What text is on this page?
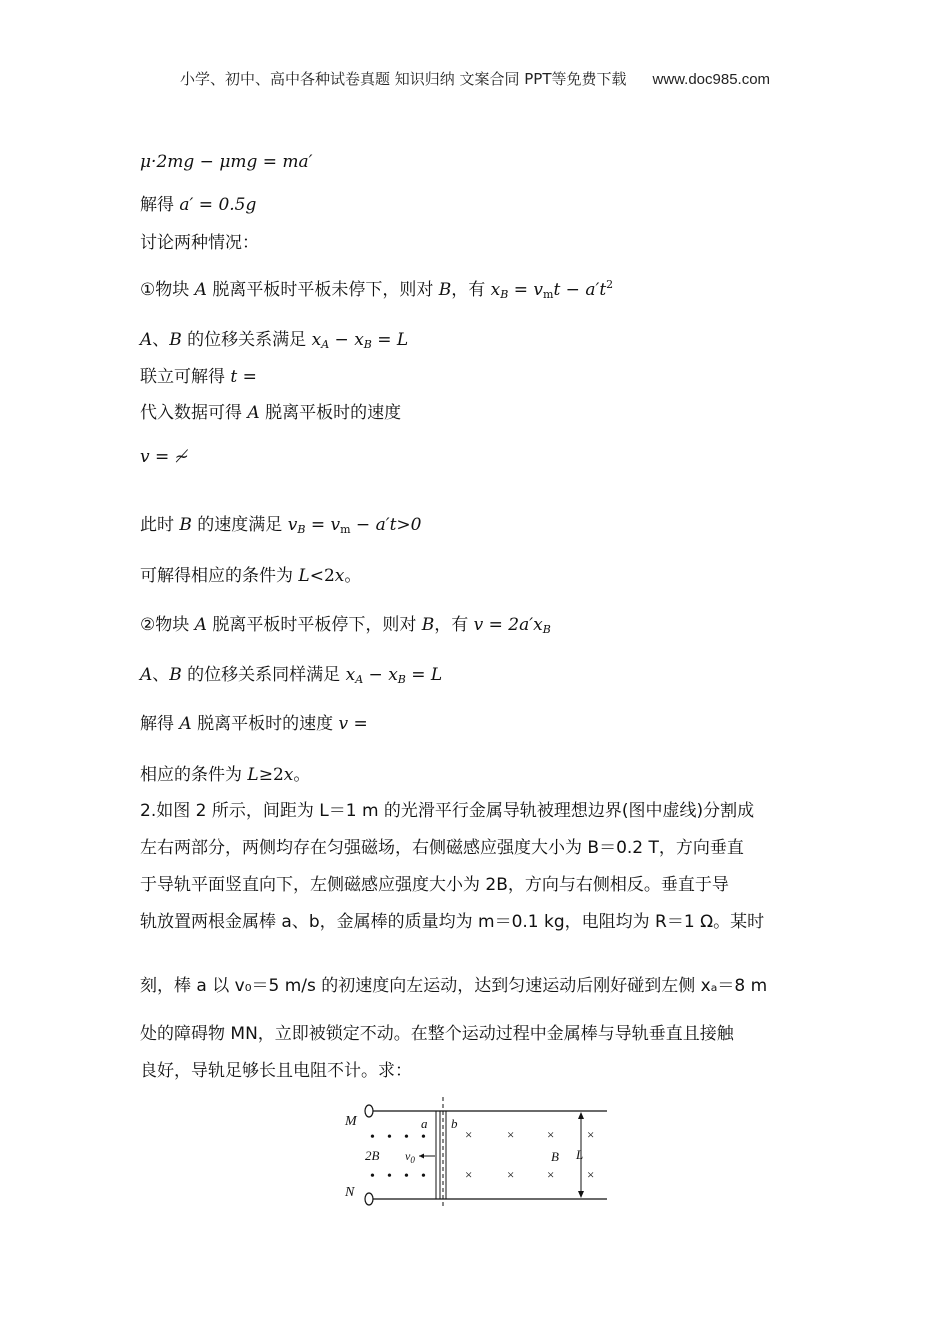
小学、初中、高中各种试卷真题 知识归纳 文案合同 PPT等免费下载 www.doc985.com
μ·2mg − μmg = ma′
解得 a′ = 0.5g
讨论两种情况：
①物块 A 脱离平板时平板未停下，则对 B，有 $x_B = v_mt - a't^2$
A、B 的位移关系满足 $x_A - x_B = L$
联立可解得 t =
代入数据可得 A 脱离平板时的速度
v = ≁
此时 B 的速度满足 $v_B = v_m - a't>0$
可解得相应的条件为 L<2x。
②物块 A 脱离平板时平板停下，则对 B，有 $v = 2a'x_B$
A、B 的位移关系同样满足 $x_A - x_B = L$
解得 A 脱离平板时的速度 v =
相应的条件为 L≥2x。
2.如图 2 所示，间距为 L＝1 m 的光滑平行金属导轨被理想边界(图中虚线)分割成
左右两部分，两侧均存在匀强磁场，右侧磁感应强度大小为 B＝0.2 T，方向垂直
于导轨平面竖直向下，左侧磁感应强度大小为 2B，方向与右侧相反。垂直于导
轨放置两根金属棒 a、b，金属棒的质量均为 m＝0.1 kg，电阻均为 R＝1 Ω。某时
刻，棒 a 以 v₀＝5 m/s 的初速度向左运动，达到匀速运动后刚好碰到左侧 xₐ＝8 m
处的障碍物 MN，立即被锁定不动。在整个运动过程中金属棒与导轨垂直且接触
良好，导轨足够长且电阻不计。求：
M
N
a b
• • • •
• • • •
2B $v_0$
×	×	×	×
×	×	×	×
B L
